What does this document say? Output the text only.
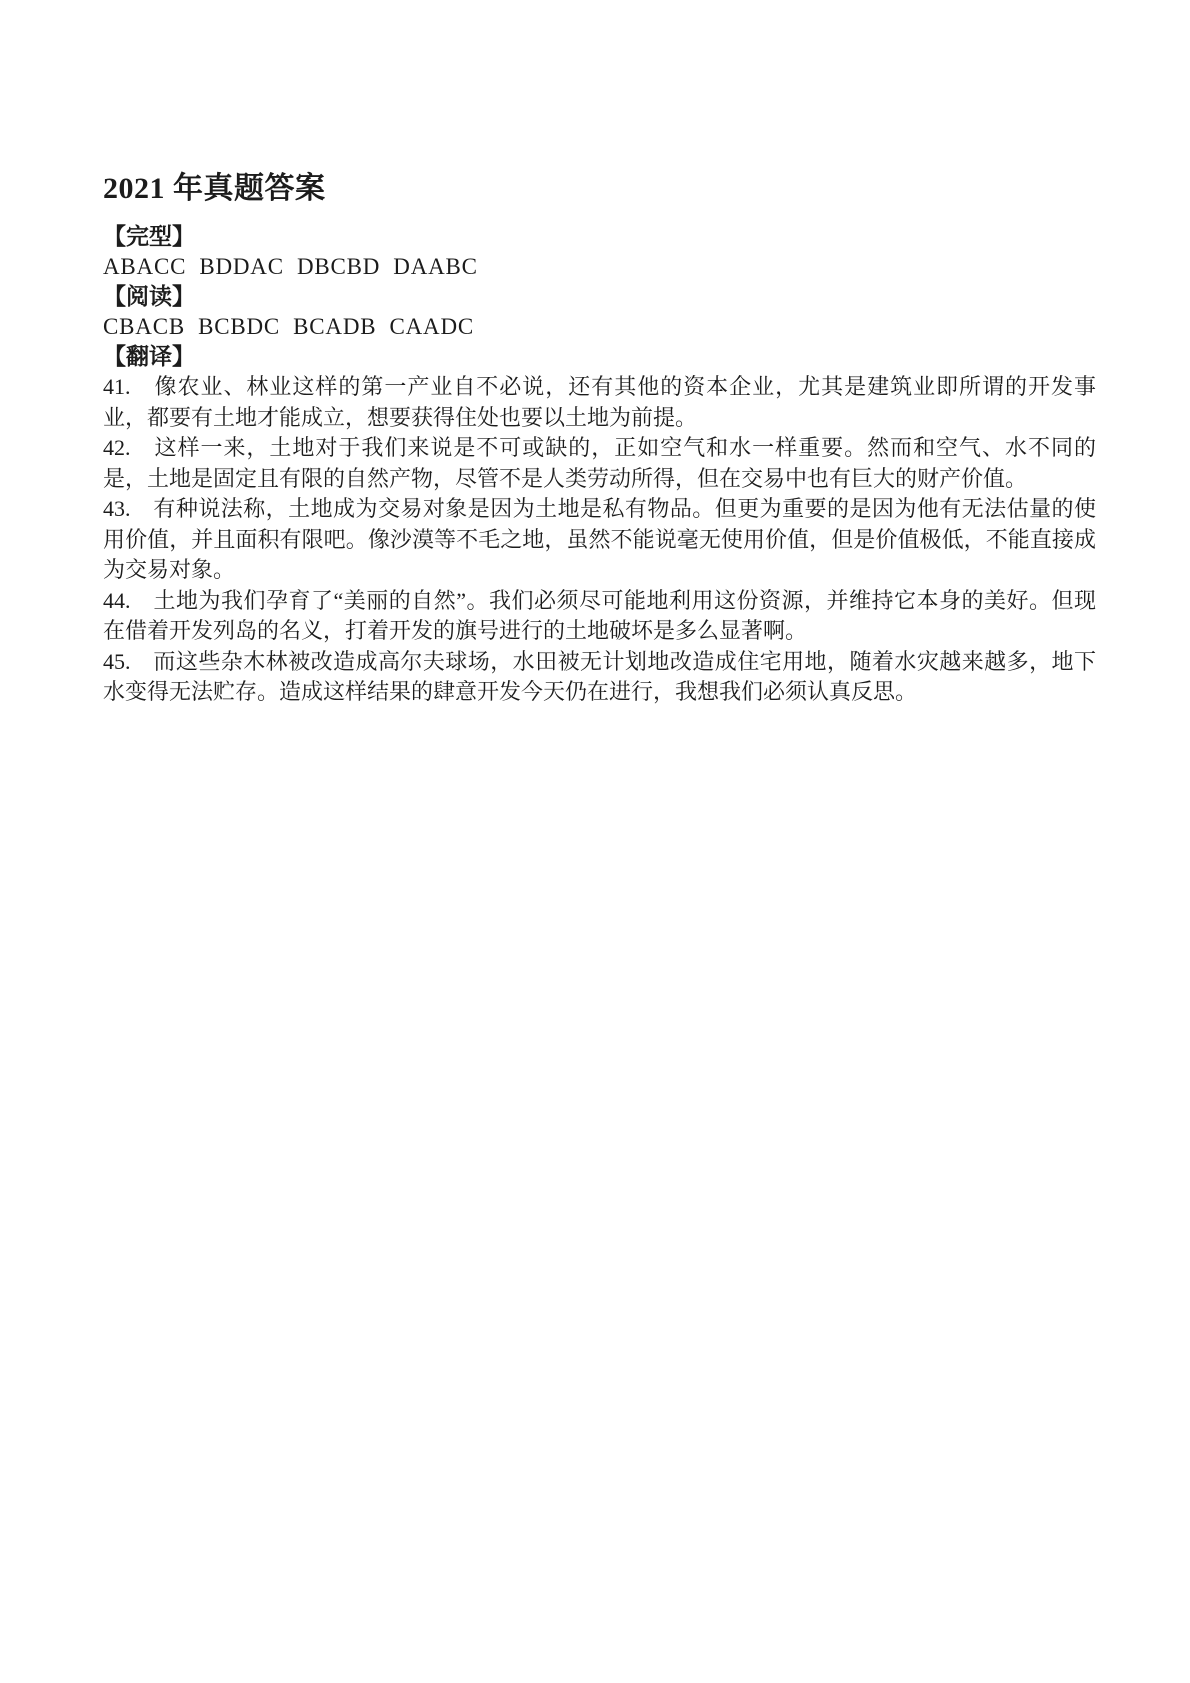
2021 年真题答案

【完型】

ABACC  BDDAC  DBCBD  DAABC

【阅读】

CBACB  BCBDC  BCADB  CAADC

【翻译】

41.　像农业、林业这样的第一产业自不必说，还有其他的资本企业，尤其是建筑业即所谓的开发事业，都要有土地才能成立，想要获得住处也要以土地为前提。

42.　这样一来，土地对于我们来说是不可或缺的，正如空气和水一样重要。然而和空气、水不同的是，土地是固定且有限的自然产物，尽管不是人类劳动所得，但在交易中也有巨大的财产价值。

43.　有种说法称，土地成为交易对象是因为土地是私有物品。但更为重要的是因为他有无法估量的使用价值，并且面积有限吧。像沙漠等不毛之地，虽然不能说毫无使用价值，但是价值极低，不能直接成为交易对象。

44.　土地为我们孕育了“美丽的自然”。我们必须尽可能地利用这份资源，并维持它本身的美好。但现在借着开发列岛的名义，打着开发的旗号进行的土地破坏是多么显著啊。

45.　而这些杂木林被改造成高尔夫球场，水田被无计划地改造成住宅用地，随着水灾越来越多，地下水变得无法贮存。造成这样结果的肆意开发今天仍在进行，我想我们必须认真反思。
